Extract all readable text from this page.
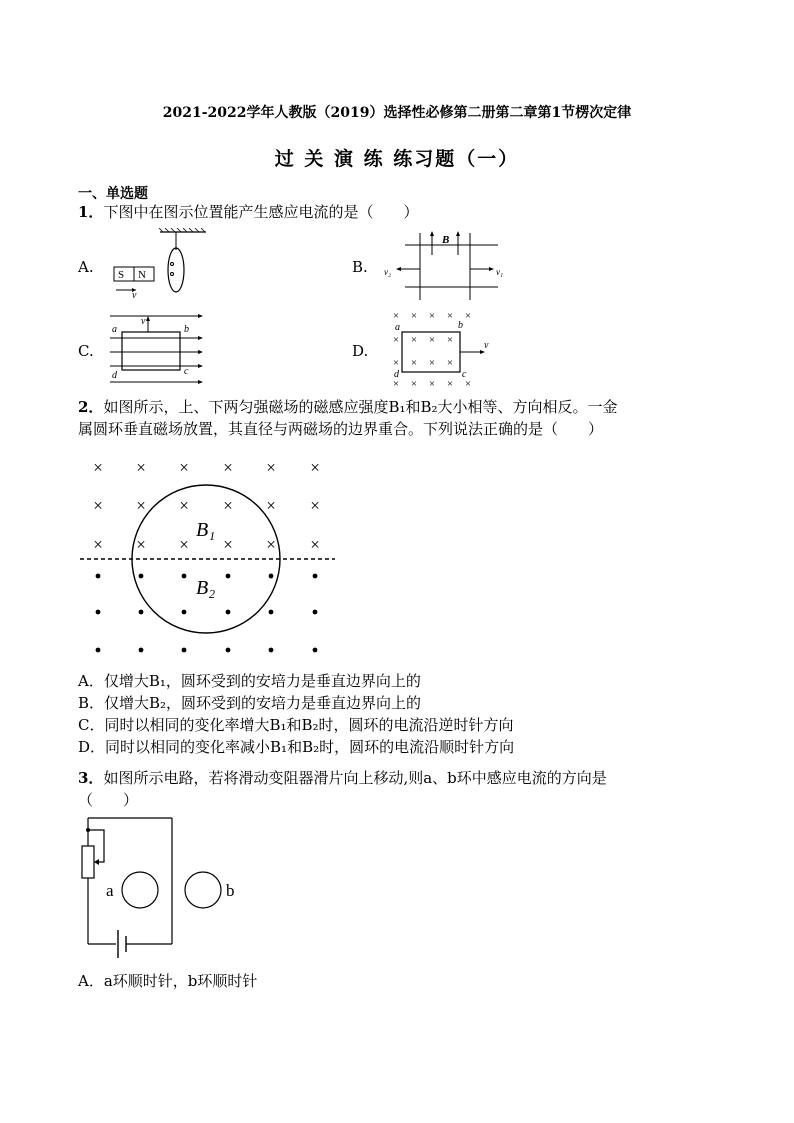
2021-2022学年人教版（2019）选择性必修第二册第二章第1节楞次定律
过 关 演 练 练习题（一）
一、单选题
1．下图中在图示位置能产生感应电流的是（　　）
A. S N
v
B.
B
v₂	v₁
C.
v
a	b
c
d
D.
× × × × ×
× × × ×
× × × ×
× × × × ×
v
a	b
c
d
2．如图所示，上、下两匀强磁场的磁感应强度B₁和B₂大小相等、方向相反。一金
属圆环垂直磁场放置，其直径与两磁场的边界重合。下列说法正确的是（　　）
× × × × × ×
× × × × × ×
× × × × × ×
B₁
B₂
A．仅增大B₁，圆环受到的安培力是垂直边界向上的
B．仅增大B₂，圆环受到的安培力是垂直边界向上的
C．同时以相同的变化率增大B₁和B₂时，圆环的电流沿逆时针方向
D．同时以相同的变化率减小B₁和B₂时，圆环的电流沿顺时针方向
3．如图所示电路，若将滑动变阻器滑片向上移动,则a、b环中感应电流的方向是
（　　）
a	b
A．a环顺时针，b环顺时针
